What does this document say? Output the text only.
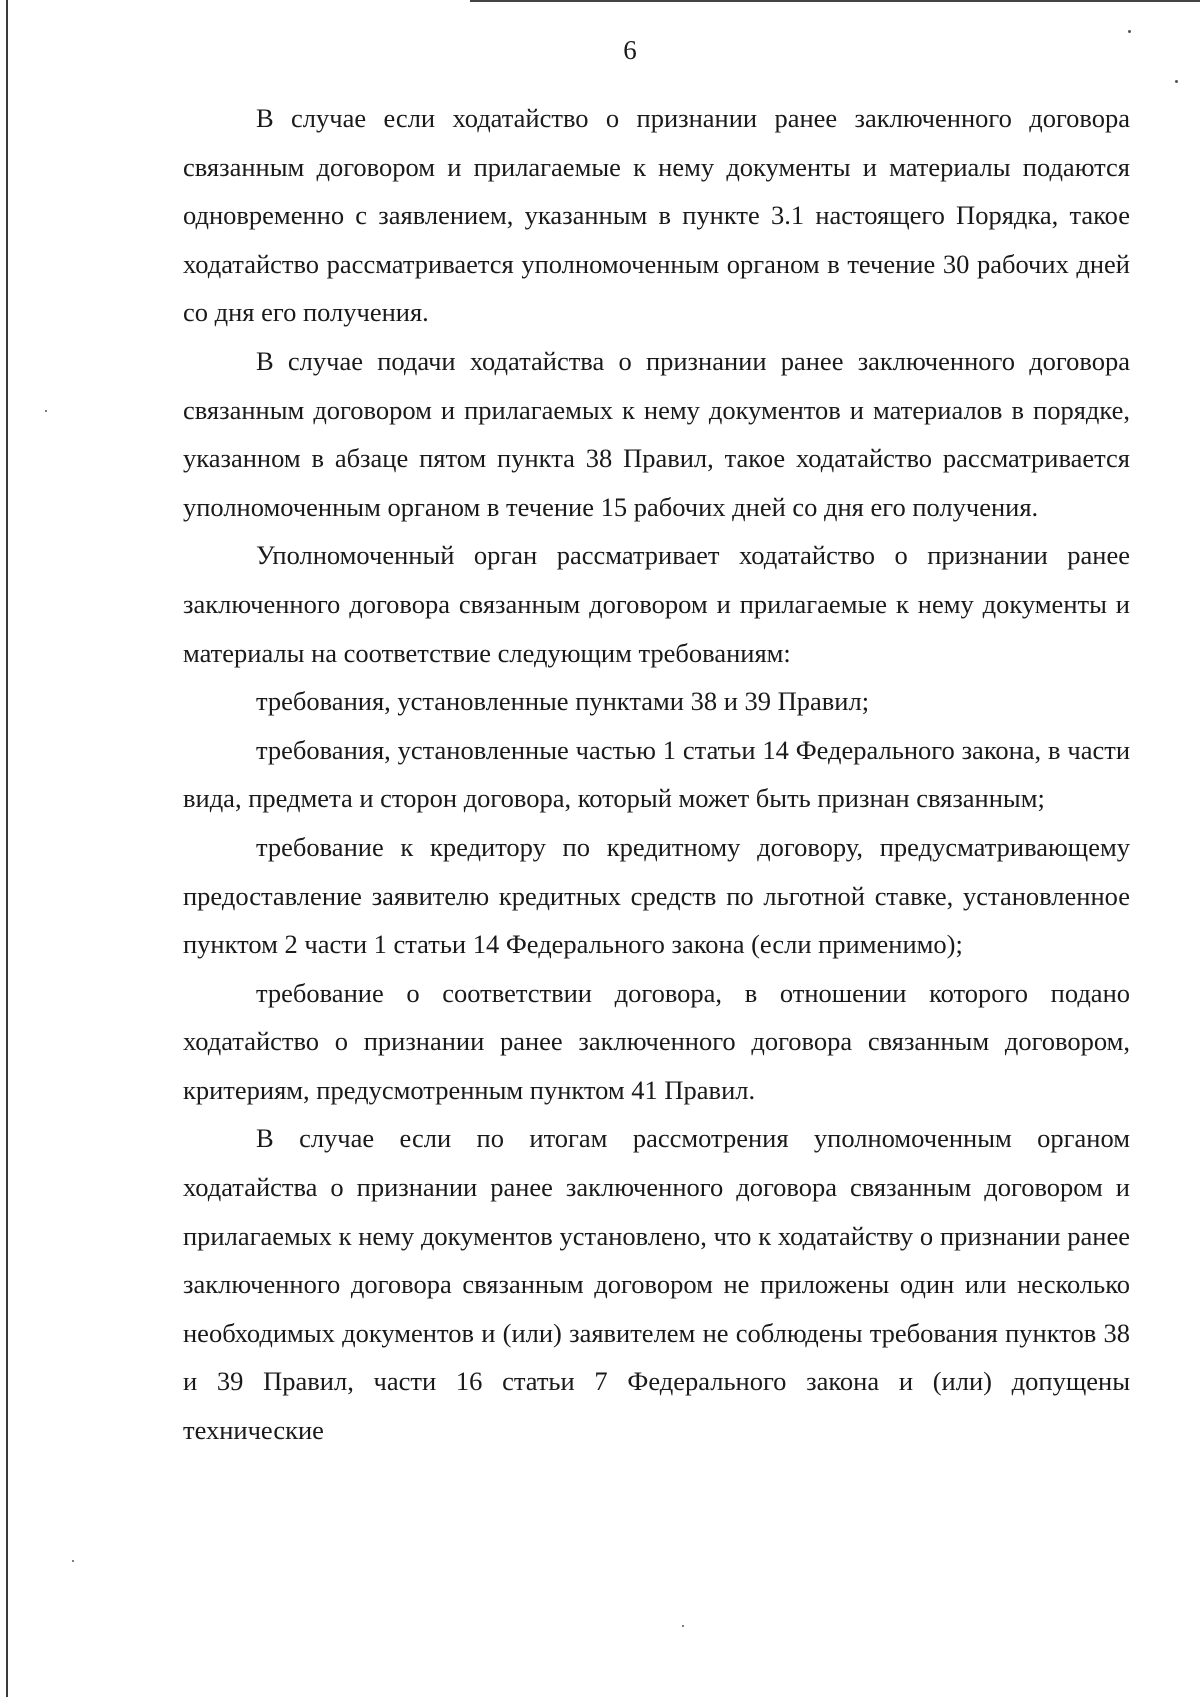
6

В случае если ходатайство о признании ранее заключенного договора связанным договором и прилагаемые к нему документы и материалы подаются одновременно с заявлением, указанным в пункте 3.1 настоящего Порядка, такое ходатайство рассматривается уполномоченным органом в течение 30 рабочих дней со дня его получения.

В случае подачи ходатайства о признании ранее заключенного договора связанным договором и прилагаемых к нему документов и материалов в порядке, указанном в абзаце пятом пункта 38 Правил, такое ходатайство рассматривается уполномоченным органом в течение 15 рабочих дней со дня его получения.

Уполномоченный орган рассматривает ходатайство о признании ранее заключенного договора связанным договором и прилагаемые к нему документы и материалы на соответствие следующим требованиям:

требования, установленные пунктами 38 и 39 Правил;

требования, установленные частью 1 статьи 14 Федерального закона, в части вида, предмета и сторон договора, который может быть признан связанным;

требование к кредитору по кредитному договору, предусматривающему предоставление заявителю кредитных средств по льготной ставке, установленное пунктом 2 части 1 статьи 14 Федерального закона (если применимо);

требование о соответствии договора, в отношении которого подано ходатайство о признании ранее заключенного договора связанным договором, критериям, предусмотренным пунктом 41 Правил.

В случае если по итогам рассмотрения уполномоченным органом ходатайства о признании ранее заключенного договора связанным договором и прилагаемых к нему документов установлено, что к ходатайству о признании ранее заключенного договора связанным договором не приложены один или несколько необходимых документов и (или) заявителем не соблюдены требования пунктов 38 и 39 Правил, части 16 статьи 7 Федерального закона и (или) допущены технические
